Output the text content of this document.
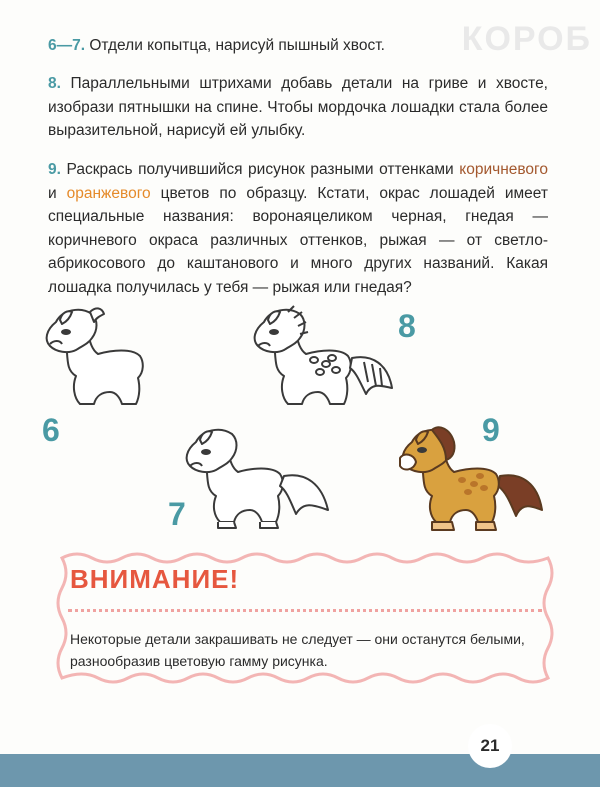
КОРОБ
6—7. Отдели копытца, нарисуй пышный хвост.
8. Параллельными штрихами добавь детали на гриве и хвосте, изобрази пятнышки на спине. Чтобы мордочка лошадки стала более выразительной, нарисуй ей улыбку.
9. Раскрась получившийся рисунок разными оттенками коричневого и оранжевого цветов по образцу. Кстати, окрас лошадей имеет специальные названия: воронаяцеликом черная, гнедая — коричневого окраса различных оттенков, рыжая — от светло-абрикосового до каштанового и много других названий. Какая лошадка получилась у тебя — рыжая или гнедая?
6
7
8
9
ВНИМАНИЕ!
Некоторые детали закрашивать не следует — они останутся белыми, разнообразив цветовую гамму рисунка.
21
